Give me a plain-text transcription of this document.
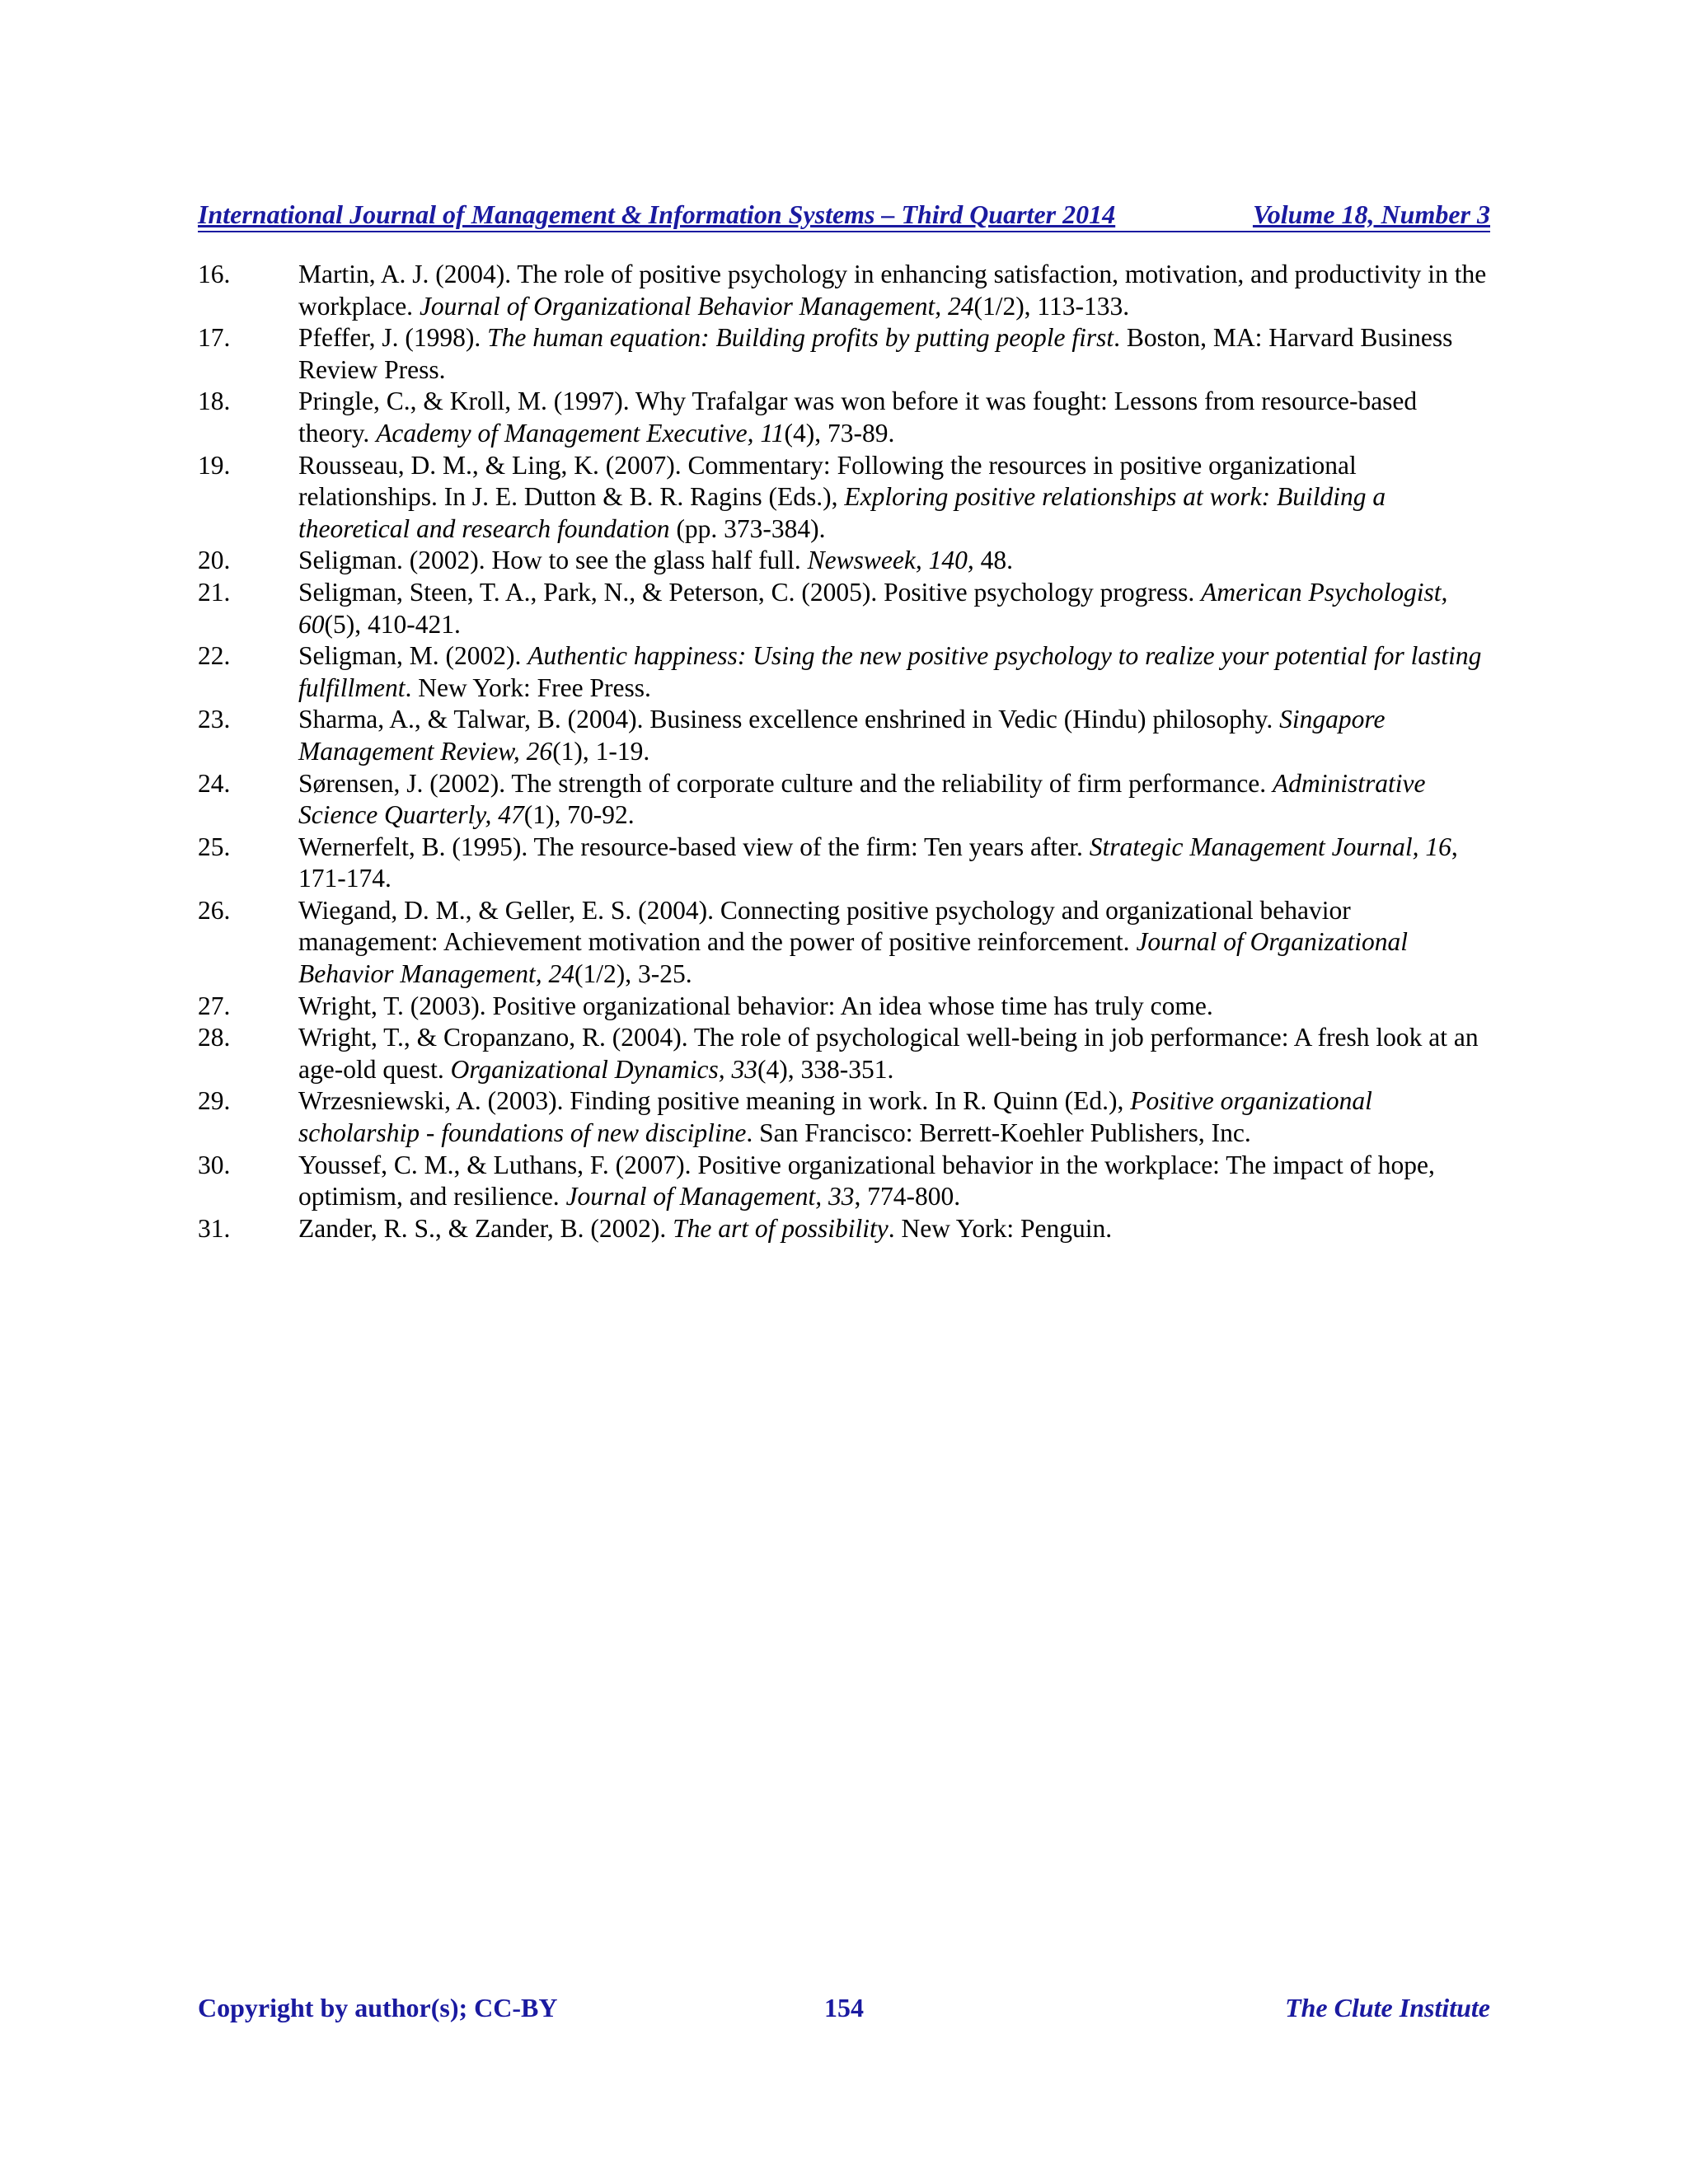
International Journal of Management & Information Systems – Third Quarter 2014	Volume 18, Number 3
16.	Martin, A. J. (2004). The role of positive psychology in enhancing satisfaction, motivation, and productivity in the workplace. Journal of Organizational Behavior Management, 24(1/2), 113-133.
17.	Pfeffer, J. (1998). The human equation: Building profits by putting people first. Boston, MA: Harvard Business Review Press.
18.	Pringle, C., & Kroll, M. (1997). Why Trafalgar was won before it was fought: Lessons from resource-based theory. Academy of Management Executive, 11(4), 73-89.
19.	Rousseau, D. M., & Ling, K. (2007). Commentary: Following the resources in positive organizational relationships. In J. E. Dutton & B. R. Ragins (Eds.), Exploring positive relationships at work: Building a theoretical and research foundation (pp. 373-384).
20.	Seligman. (2002). How to see the glass half full. Newsweek, 140, 48.
21.	Seligman, Steen, T. A., Park, N., & Peterson, C. (2005). Positive psychology progress. American Psychologist, 60(5), 410-421.
22.	Seligman, M. (2002). Authentic happiness: Using the new positive psychology to realize your potential for lasting fulfillment. New York: Free Press.
23.	Sharma, A., & Talwar, B. (2004). Business excellence enshrined in Vedic (Hindu) philosophy. Singapore Management Review, 26(1), 1-19.
24.	Sørensen, J. (2002). The strength of corporate culture and the reliability of firm performance. Administrative Science Quarterly, 47(1), 70-92.
25.	Wernerfelt, B. (1995). The resource-based view of the firm: Ten years after. Strategic Management Journal, 16, 171-174.
26.	Wiegand, D. M., & Geller, E. S. (2004). Connecting positive psychology and organizational behavior management: Achievement motivation and the power of positive reinforcement. Journal of Organizational Behavior Management, 24(1/2), 3-25.
27.	Wright, T. (2003). Positive organizational behavior: An idea whose time has truly come.
28.	Wright, T., & Cropanzano, R. (2004). The role of psychological well-being in job performance: A fresh look at an age-old quest. Organizational Dynamics, 33(4), 338-351.
29.	Wrzesniewski, A. (2003). Finding positive meaning in work. In R. Quinn (Ed.), Positive organizational scholarship - foundations of new discipline. San Francisco: Berrett-Koehler Publishers, Inc.
30.	Youssef, C. M., & Luthans, F. (2007). Positive organizational behavior in the workplace: The impact of hope, optimism, and resilience. Journal of Management, 33, 774-800.
31.	Zander, R. S., & Zander, B. (2002). The art of possibility. New York: Penguin.
Copyright by author(s); CC-BY	154	The Clute Institute
